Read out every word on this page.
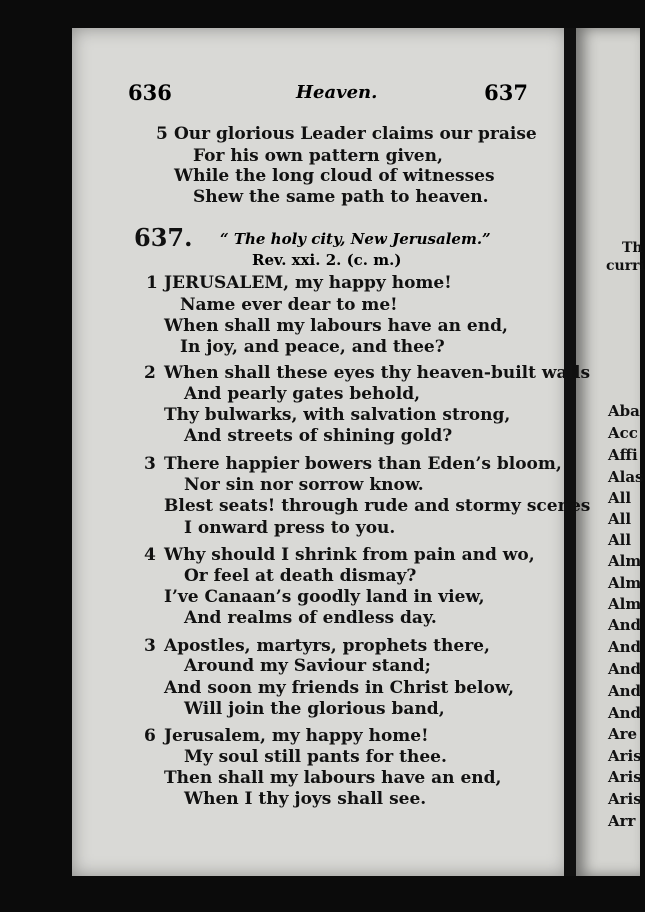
636	Heaven.	637
5 Our glorious Leader claims our praise
For his own pattern given,
While the long cloud of witnesses
Shew the same path to heaven.
637. “ The holy city, New Jerusalem.”
Rev. xxi. 2. (c. m.)
1 JERUSALEM, my happy home!
Name ever dear to me!
When shall my labours have an end,
In joy, and peace, and thee?
2 When shall these eyes thy heaven-built walls
And pearly gates behold,
Thy bulwarks, with salvation strong,
And streets of shining gold?
3 There happier bowers than Eden’s bloom,
Nor sin nor sorrow know.
Blest seats! through rude and stormy scenes
I onward press to you.
4 Why should I shrink from pain and wo,
Or feel at death dismay?
I’ve Canaan’s goodly land in view,
And realms of endless day.
3 Apostles, martyrs, prophets there,
Around my Saviour stand;
And soon my friends in Christ below,
Will join the glorious band,
6 Jerusalem, my happy home!
My soul still pants for thee.
Then shall my labours have an end,
When I thy joys shall see.
Th
curri
Aba
Acc
Affi
Alas
All
All
All
Alm
Alm
Alm
And
And
And
And
And
Are
Aris
Aris
Aris
Arr
